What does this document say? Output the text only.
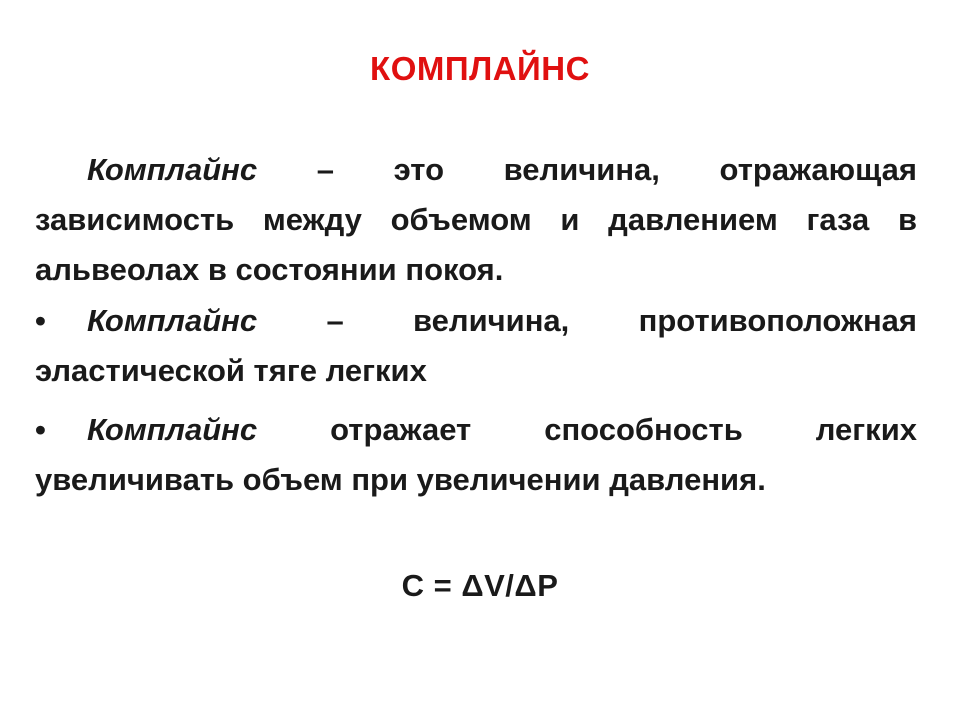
КОМПЛАЙНС
Комплайнс – это величина, отражающая зависимость между объемом и давлением газа в альвеолах в состоянии покоя.
• Комплайнс – величина, противоположная эластической тяге легких
• Комплайнс отражает способность легких увеличивать объем при увеличении давления.
C = ΔV/ΔP
